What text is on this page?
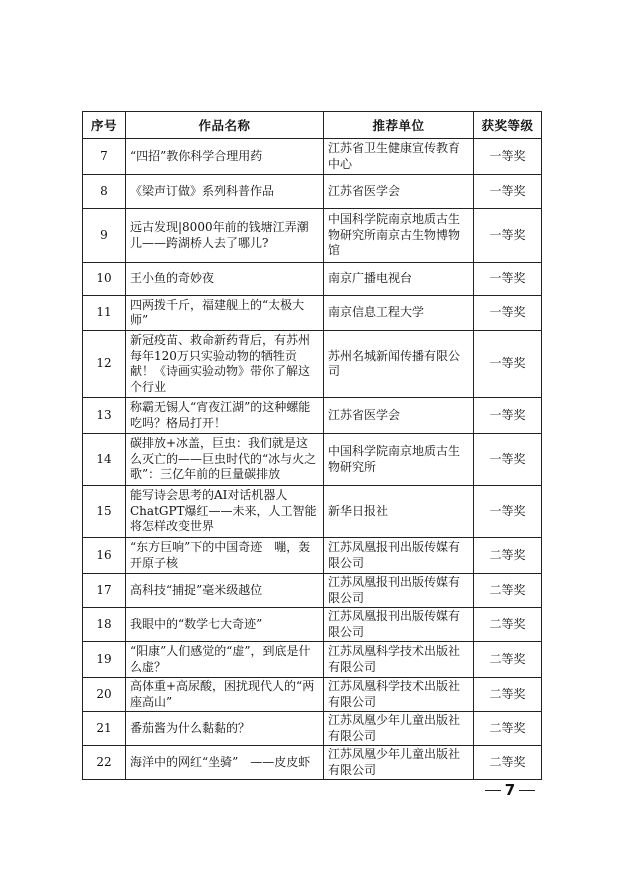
序号	作品名称	推荐单位	获奖等级
7	“四招”教你科学合理用药	江苏省卫生健康宣传教育中心	一等奖
8	《梁声订做》系列科普作品	江苏省医学会	一等奖
9	远古发现|8000年前的钱塘江弄潮儿——跨湖桥人去了哪儿?	中国科学院南京地质古生物研究所南京古生物博物馆	一等奖
10	王小鱼的奇妙夜	南京广播电视台	一等奖
11	四两拨千斤，福建舰上的“太极大师”	南京信息工程大学	一等奖
12	新冠疫苗、救命新药背后，有苏州每年120万只实验动物的牺牲贡献！《诗画实验动物》带你了解这个行业	苏州名城新闻传播有限公司	一等奖
13	称霸无锡人“宵夜江湖”的这种螺能吃吗？格局打开！	江苏省医学会	一等奖
14	碳排放+冰盖，巨虫：我们就是这么灭亡的——巨虫时代的“冰与火之歌”：三亿年前的巨量碳排放	中国科学院南京地质古生物研究所	一等奖
15	能写诗会思考的AI对话机器人ChatGPT爆红——未来，人工智能将怎样改变世界	新华日报社	一等奖
16	“东方巨响”下的中国奇迹　嘣，轰开原子核	江苏凤凰报刊出版传媒有限公司	二等奖
17	高科技“捕捉”毫米级越位	江苏凤凰报刊出版传媒有限公司	二等奖
18	我眼中的“数学七大奇迹”	江苏凤凰报刊出版传媒有限公司	二等奖
19	“阳康”人们感觉的“虚”，到底是什么虚？	江苏凤凰科学技术出版社有限公司	二等奖
20	高体重+高尿酸，困扰现代人的“两座高山”	江苏凤凰科学技术出版社有限公司	二等奖
21	番茄酱为什么黏黏的？	江苏凤凰少年儿童出版社有限公司	二等奖
22	海洋中的网红“坐骑”　——皮皮虾	江苏凤凰少年儿童出版社有限公司	二等奖
7
